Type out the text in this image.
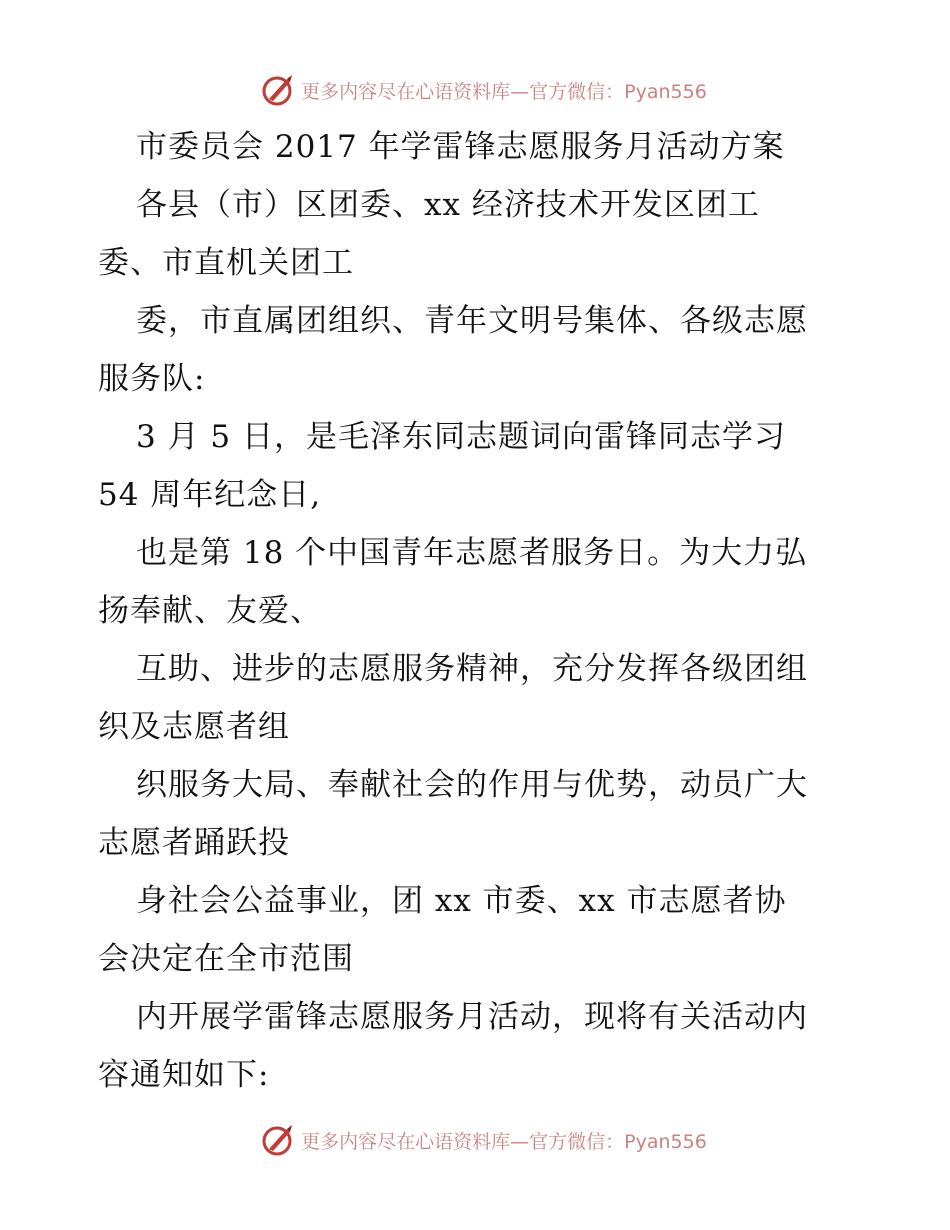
更多内容尽在心语资料库—官方微信：Pyan556
市委员会 2017 年学雷锋志愿服务月活动方案
各县（市）区团委、xx 经济技术开发区团工
委、市直机关团工
委，市直属团组织、青年文明号集体、各级志愿
服务队:
3 月 5 日，是毛泽东同志题词向雷锋同志学习
54 周年纪念日,
也是第 18 个中国青年志愿者服务日。为大力弘
扬奉献、友爱、
互助、进步的志愿服务精神，充分发挥各级团组
织及志愿者组
织服务大局、奉献社会的作用与优势，动员广大
志愿者踊跃投
身社会公益事业，团 xx 市委、xx 市志愿者协
会决定在全市范围
内开展学雷锋志愿服务月活动，现将有关活动内
容通知如下:
更多内容尽在心语资料库—官方微信：Pyan556
